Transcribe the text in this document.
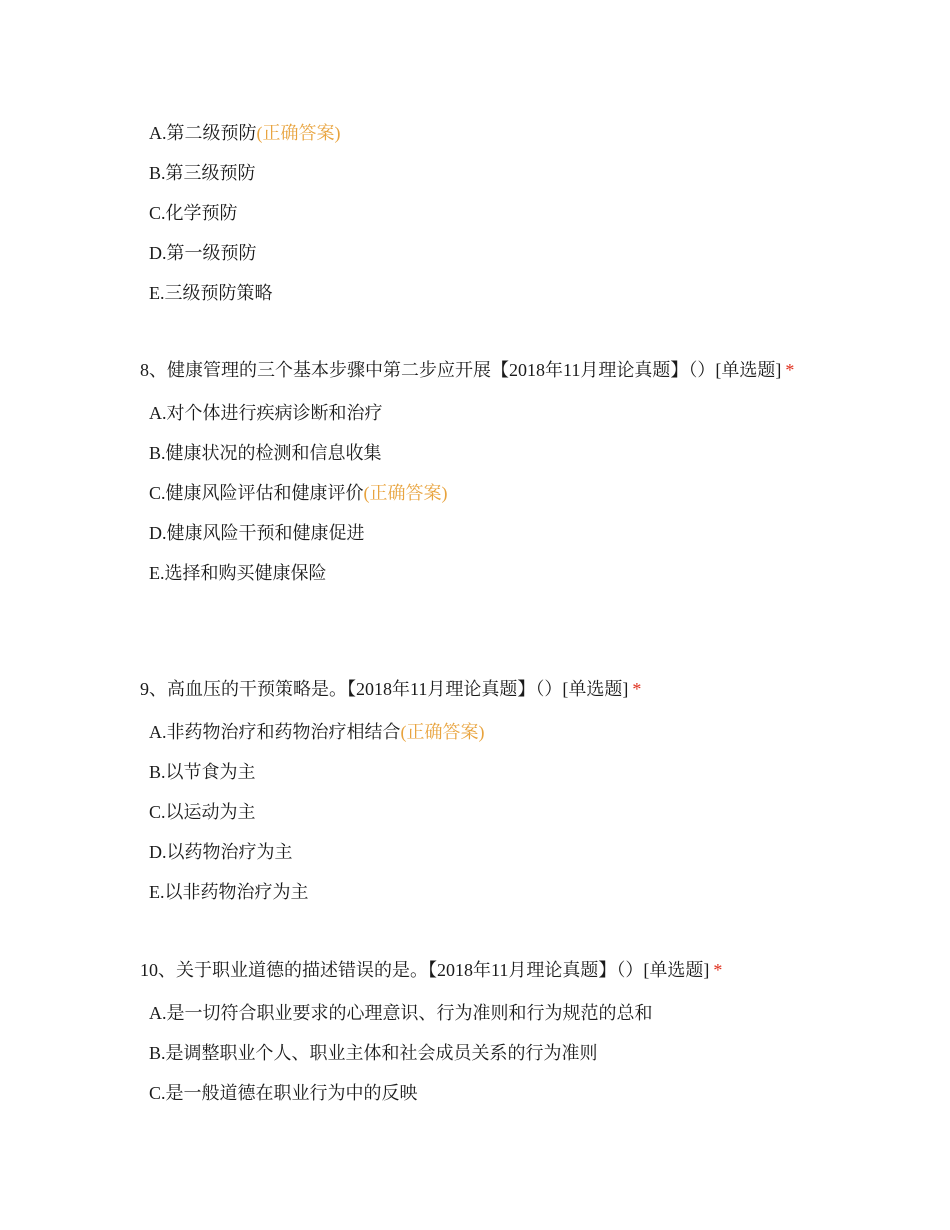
A.第二级预防(正确答案)
B.第三级预防
C.化学预防
D.第一级预防
E.三级预防策略
8、健康管理的三个基本步骤中第二步应开展【2018年11月理论真题】（）[单选题] *
A.对个体进行疾病诊断和治疗
B.健康状况的检测和信息收集
C.健康风险评估和健康评价(正确答案)
D.健康风险干预和健康促进
E.选择和购买健康保险
9、高血压的干预策略是。【2018年11月理论真题】（）[单选题] *
A.非药物治疗和药物治疗相结合(正确答案)
B.以节食为主
C.以运动为主
D.以药物治疗为主
E.以非药物治疗为主
10、关于职业道德的描述错误的是。【2018年11月理论真题】（）[单选题] *
A.是一切符合职业要求的心理意识、行为准则和行为规范的总和
B.是调整职业个人、职业主体和社会成员关系的行为准则
C.是一般道德在职业行为中的反映
